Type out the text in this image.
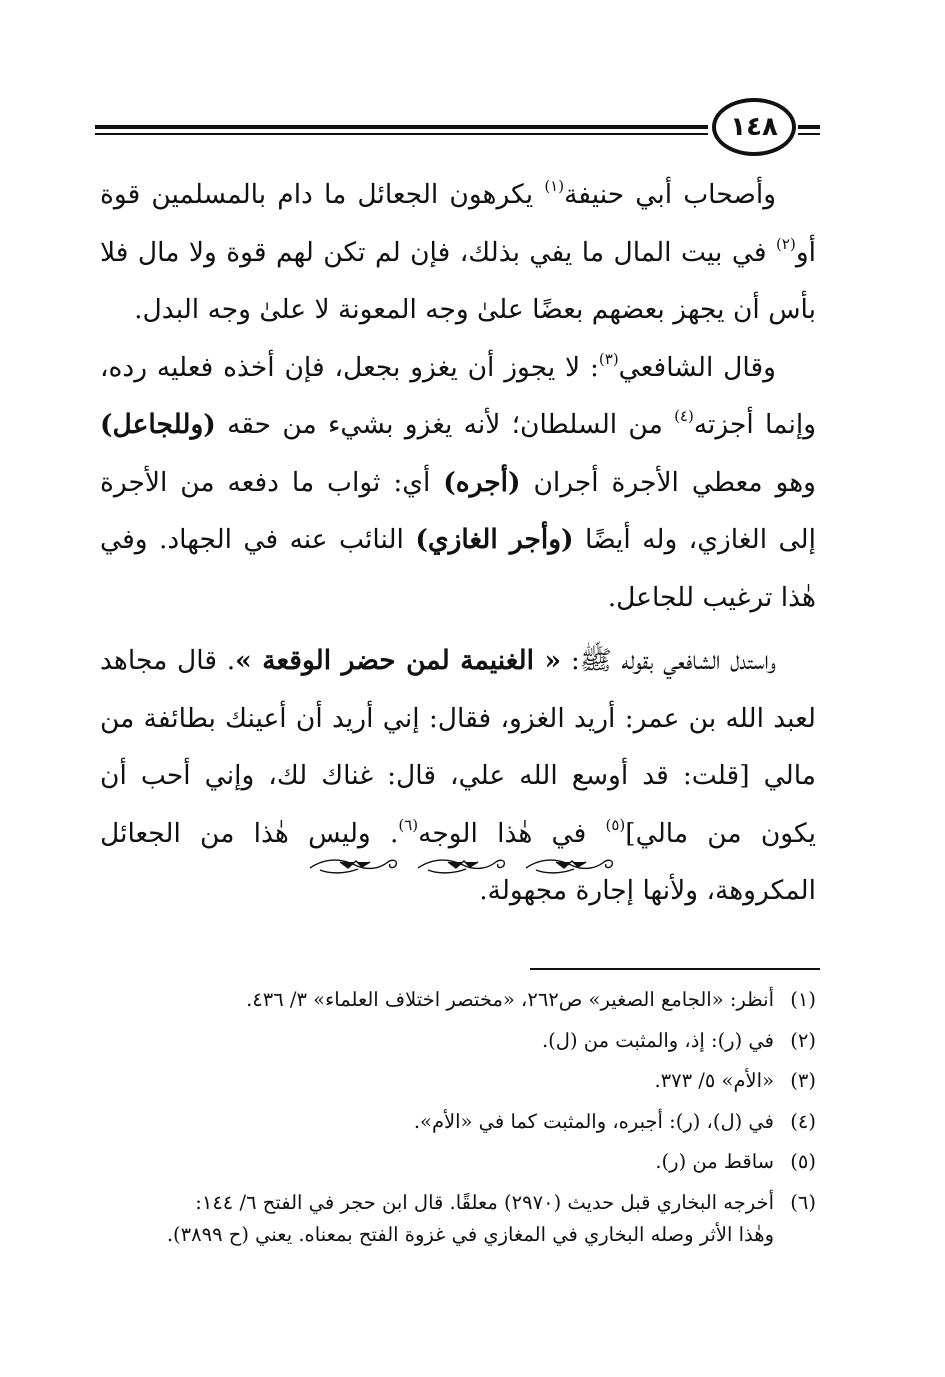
١٤٨

وأصحاب أبي حنيفة$^{(١)}$ يكرهون الجعائل ما دام بالمسلمين قوة أو$^{(٢)}$ في بيت المال ما يفي بذلك، فإن لم تكن لهم قوة ولا مال فلا بأس أن يجهز بعضهم بعضًا علىٰ وجه المعونة لا علىٰ وجه البدل.

وقال الشافعي$^{(٣)}$: لا يجوز أن يغزو بجعل، فإن أخذه فعليه رده، وإنما أجزته$^{(٤)}$ من السلطان؛ لأنه يغزو بشيء من حقه (وللجاعل) وهو معطي الأجرة أجران (أجره) أي: ثواب ما دفعه من الأجرة إلى الغازي، وله أيضًا (وأجر الغازي) النائب عنه في الجهاد. وفي هٰذا ترغيب للجاعل.

واستدل الشافعي بقوله ﷺ: « الغنيمة لمن حضر الوقعة ». قال مجاهد لعبد الله بن عمر: أريد الغزو، فقال: إني أريد أن أعينك بطائفة من مالي [قلت: قد أوسع الله علي، قال: غناك لك، وإني أحب أن يكون من مالي]$^{(٥)}$ في هٰذا الوجه$^{(٦)}$. وليس هٰذا من الجعائل المكروهة، ولأنها إجارة مجهولة.

(١)أنظر: «الجامع الصغير» ص٢٦٢، «مختصر اختلاف العلماء» ٣/ ٤٣٦.

(٢)في (ر): إذ، والمثبت من (ل).

(٣)«الأم» ٥/ ٣٧٣.

(٤)في (ل)، (ر): أجبره، والمثبت كما في «الأم».

(٥)ساقط من (ر).

(٦)أخرجه البخاري قبل حديث (٢٩٧٠) معلقًا. قال ابن حجر في الفتح ٦/ ١٤٤:

وهٰذا الأثر وصله البخاري في المغازي في غزوة الفتح بمعناه. يعني (ح ٣٨٩٩).
